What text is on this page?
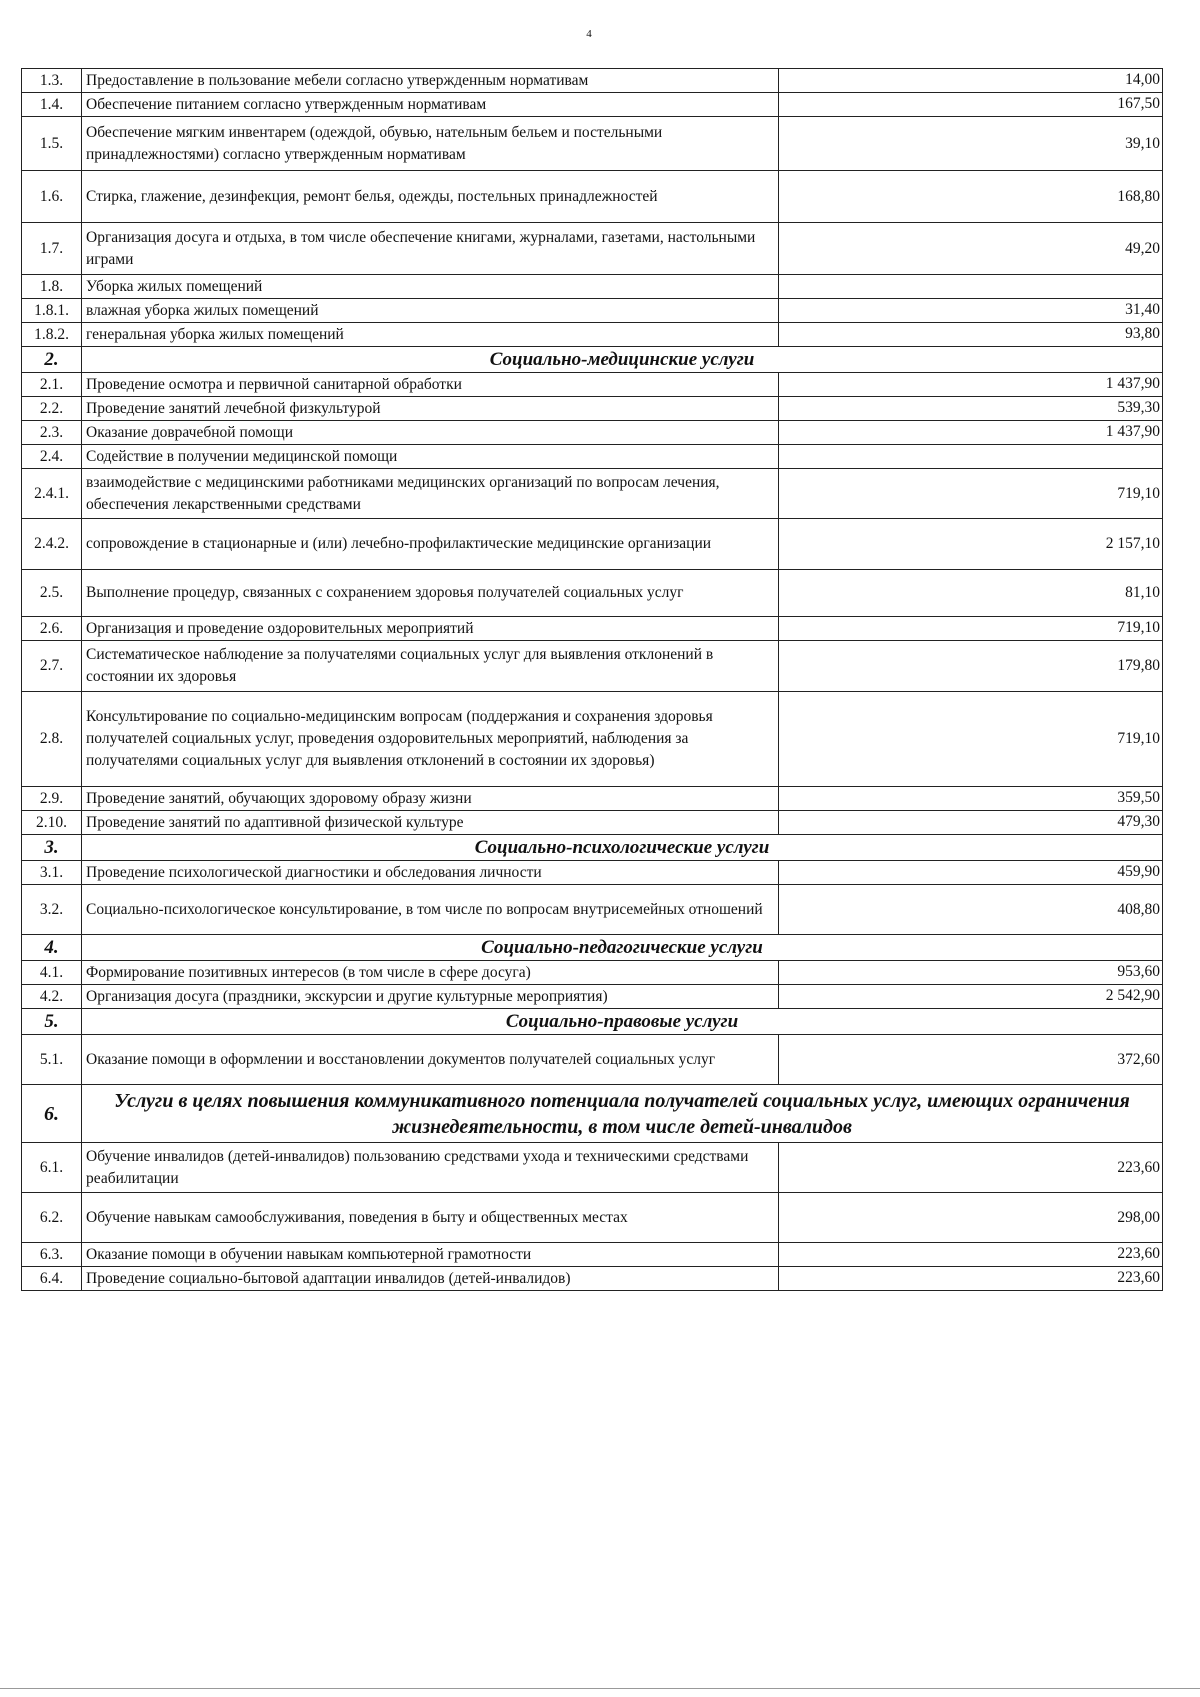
4
1.3.	Предоставление в пользование мебели согласно утвержденным нормативам	14,00
1.4.	Обеспечение питанием согласно утвержденным нормативам	167,50
1.5.	Обеспечение мягким инвентарем (одеждой, обувью, нательным бельем и постельными принадлежностями) согласно утвержденным нормативам	39,10
1.6.	Стирка, глажение, дезинфекция, ремонт белья, одежды, постельных принадлежностей	168,80
1.7.	Организация досуга и отдыха, в том числе обеспечение книгами, журналами, газетами, настольными играми	49,20
1.8.	Уборка жилых помещений	
1.8.1.	влажная уборка жилых помещений	31,40
1.8.2.	генеральная уборка жилых помещений	93,80
2.	Социально-медицинские услуги	
2.1.	Проведение осмотра и первичной санитарной обработки	1 437,90
2.2.	Проведение занятий лечебной физкультурой	539,30
2.3.	Оказание доврачебной помощи	1 437,90
2.4.	Содействие в получении медицинской помощи	
2.4.1.	взаимодействие с медицинскими работниками медицинских организаций по вопросам лечения, обеспечения лекарственными средствами	719,10
2.4.2.	сопровождение в стационарные и (или) лечебно-профилактические медицинские организации	2 157,10
2.5.	Выполнение процедур, связанных с сохранением здоровья получателей социальных услуг	81,10
2.6.	Организация и проведение оздоровительных мероприятий	719,10
2.7.	Систематическое наблюдение за получателями социальных услуг для выявления отклонений в состоянии их здоровья	179,80
2.8.	Консультирование по социально-медицинским вопросам (поддержания и сохранения здоровья получателей социальных услуг, проведения оздоровительных мероприятий, наблюдения за получателями социальных услуг для выявления отклонений в состоянии их здоровья)	719,10
2.9.	Проведение занятий, обучающих здоровому образу жизни	359,50
2.10.	Проведение занятий по адаптивной физической культуре	479,30
3.	Социально-психологические услуги	
3.1.	Проведение психологической диагностики и обследования личности	459,90
3.2.	Социально-психологическое консультирование, в том числе по вопросам внутрисемейных отношений	408,80
4.	Социально-педагогические услуги	
4.1.	Формирование позитивных интересов (в том числе в сфере досуга)	953,60
4.2.	Организация досуга (праздники, экскурсии и другие культурные мероприятия)	2 542,90
5.	Социально-правовые услуги	
5.1.	Оказание помощи в оформлении и восстановлении документов получателей социальных услуг	372,60
6.	Услуги в целях повышения коммуникативного потенциала получателей социальных услуг, имеющих ограничения жизнедеятельности, в том числе детей-инвалидов	
6.1.	Обучение инвалидов (детей-инвалидов) пользованию средствами ухода и техническими средствами реабилитации	223,60
6.2.	Обучение навыкам самообслуживания, поведения в быту и общественных местах	298,00
6.3.	Оказание помощи в обучении навыкам компьютерной грамотности	223,60
6.4.	Проведение социально-бытовой адаптации инвалидов (детей-инвалидов)	223,60
